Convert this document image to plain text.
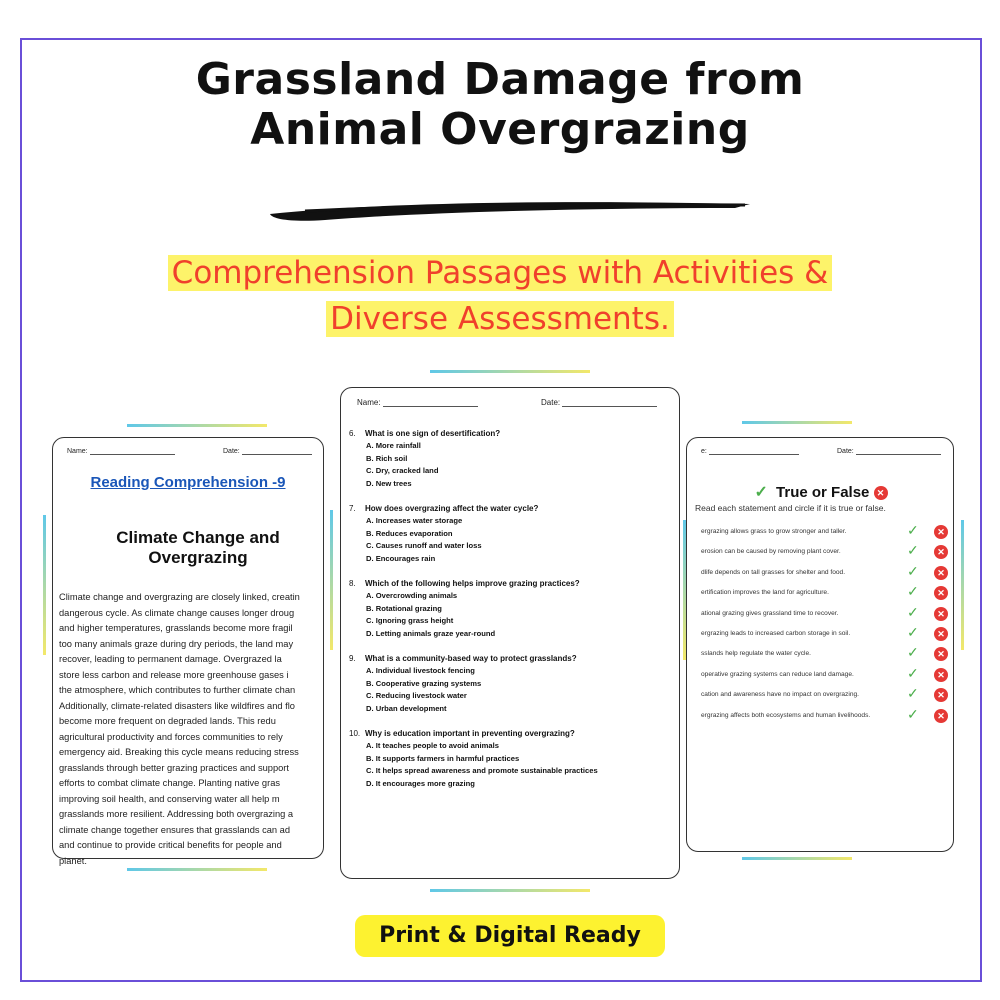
Grassland Damage from Animal Overgrazing
Comprehension Passages with Activities &
Diverse Assessments.
Name:	Date:
Reading Comprehension -9
Climate Change and Overgrazing
Climate change and overgrazing are closely linked, creatin
dangerous cycle. As climate change causes longer droug
and higher temperatures, grasslands become more fragil
too many animals graze during dry periods, the land may
recover, leading to permanent damage. Overgrazed la
store less carbon and release more greenhouse gases i
the atmosphere, which contributes to further climate chan
Additionally, climate-related disasters like wildfires and flo
become more frequent on degraded lands. This redu
agricultural productivity and forces communities to rely
emergency aid. Breaking this cycle means reducing stress
grasslands through better grazing practices and support
efforts to combat climate change. Planting native gras
improving soil health, and conserving water all help m
grasslands more resilient. Addressing both overgrazing a
climate change together ensures that grasslands can ad
and continue to provide critical benefits for people and
planet.
Name:	Date:
6. What is one sign of desertification?
A. More rainfall
B. Rich soil
C. Dry, cracked land
D. New trees
7. How does overgrazing affect the water cycle?
A. Increases water storage
B. Reduces evaporation
C. Causes runoff and water loss
D. Encourages rain
8. Which of the following helps improve grazing practices?
A. Overcrowding animals
B. Rotational grazing
C. Ignoring grass height
D. Letting animals graze year-round
9. What is a community-based way to protect grasslands?
A. Individual livestock fencing
B. Cooperative grazing systems
C. Reducing livestock water
D. Urban development
10. Why is education important in preventing overgrazing?
A. It teaches people to avoid animals
B. It supports farmers in harmful practices
C. It helps spread awareness and promote sustainable practices
D. It encourages more grazing
e:	Date:
✓ True or False ✕
Read each statement and circle if it is true or false.
ergrazing allows grass to grow stronger and taller.	✓	✕
erosion can be caused by removing plant cover.	✓	✕
dlife depends on tall grasses for shelter and food.	✓	✕
ertification improves the land for agriculture.	✓	✕
ational grazing gives grassland time to recover.	✓	✕
ergrazing leads to increased carbon storage in soil.	✓	✕
sslands help regulate the water cycle.	✓	✕
operative grazing systems can reduce land damage.	✓	✕
cation and awareness have no impact on overgrazing.	✓	✕
ergrazing affects both ecosystems and human livelihoods.	✓	✕
Print & Digital Ready
